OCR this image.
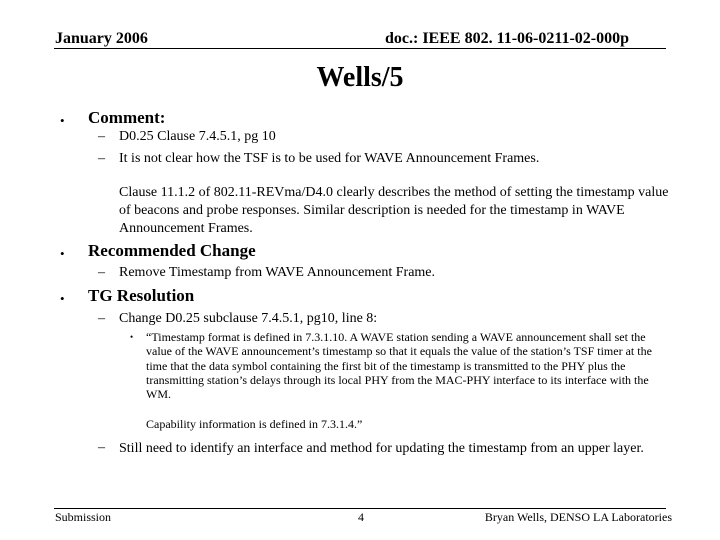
January 2006	doc.: IEEE 802. 11-06-0211-02-000p
Wells/5
• Comment:
– D0.25 Clause 7.4.5.1, pg 10
– It is not clear how the TSF is to be used for WAVE Announcement Frames.
Clause 11.1.2 of 802.11-REVma/D4.0 clearly describes the method of setting the timestamp value of beacons and probe responses. Similar description is needed for the timestamp in WAVE Announcement Frames.
• Recommended Change
– Remove Timestamp from WAVE Announcement Frame.
• TG Resolution
– Change D0.25 subclause 7.4.5.1, pg10, line 8:
• “Timestamp format is defined in 7.3.1.10. A WAVE station sending a WAVE announcement shall set the value of the WAVE announcement’s timestamp so that it equals the value of the station’s TSF timer at the time that the data symbol containing the first bit of the timestamp is transmitted to the PHY plus the transmitting station’s delays through its local PHY from the MAC-PHY interface to its interface with the WM.
Capability information is defined in 7.3.1.4.”
– Still need to identify an interface and method for updating the timestamp from an upper layer.
Submission	4	Bryan Wells, DENSO LA Laboratories
